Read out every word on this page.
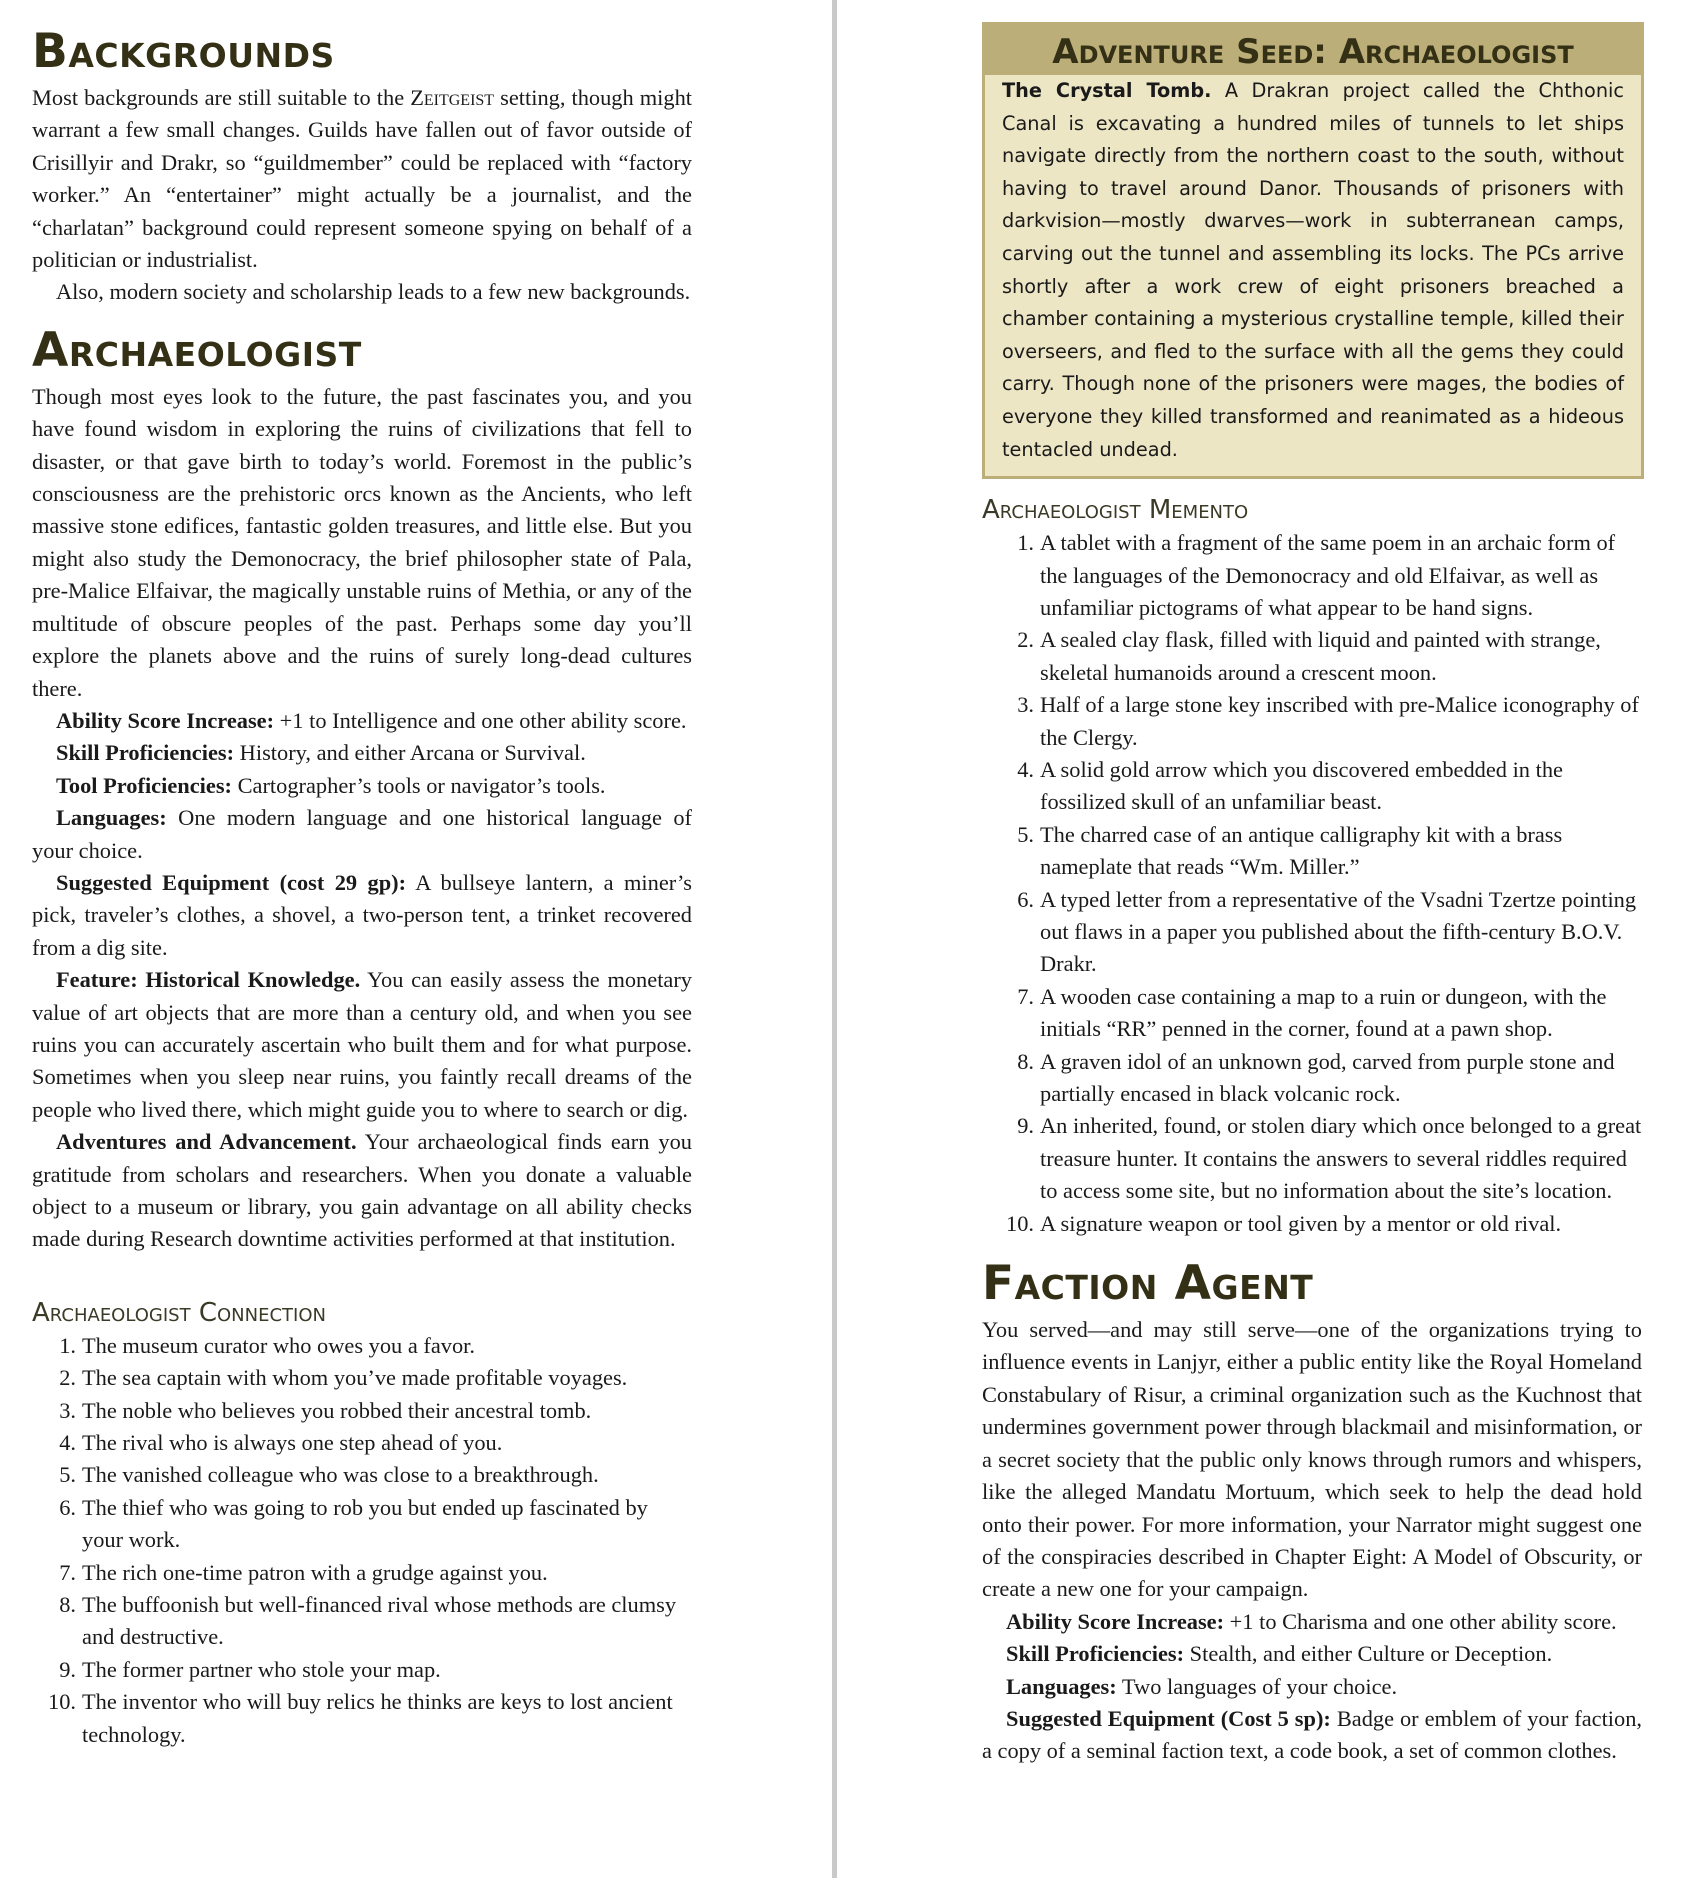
Backgrounds

Most backgrounds are still suitable to the Zeitgeist setting, though might warrant a few small changes. Guilds have fallen out of favor outside of Crisillyir and Drakr, so “guildmember” could be replaced with “factory worker.” An “entertainer” might actually be a journalist, and the “charlatan” background could represent someone spying on behalf of a politician or industrialist.

Also, modern society and scholarship leads to a few new backgrounds.

Archaeologist

Though most eyes look to the future, the past fascinates you, and you have found wisdom in exploring the ruins of civilizations that fell to disaster, or that gave birth to today’s world. Foremost in the public’s consciousness are the prehistoric orcs known as the Ancients, who left massive stone edifices, fantastic golden treasures, and little else. But you might also study the Demonocracy, the brief philosopher state of Pala, pre-Malice Elfaivar, the magically unstable ruins of Methia, or any of the multitude of obscure peoples of the past. Perhaps some day you’ll explore the planets above and the ruins of surely long-dead cultures there.

Ability Score Increase: +1 to Intelligence and one other ability score.

Skill Proficiencies: History, and either Arcana or Survival.

Tool Proficiencies: Cartographer’s tools or navigator’s tools.

Languages: One modern language and one historical language of your choice.

Suggested Equipment (cost 29 gp): A bullseye lantern, a miner’s pick, traveler’s clothes, a shovel, a two-person tent, a trinket recovered from a dig site.

Feature: Historical Knowledge. You can easily assess the monetary value of art objects that are more than a century old, and when you see ruins you can accurately ascertain who built them and for what purpose. Sometimes when you sleep near ruins, you faintly recall dreams of the people who lived there, which might guide you to where to search or dig.

Adventures and Advancement. Your archaeological finds earn you gratitude from scholars and researchers. When you donate a valuable object to a museum or library, you gain advantage on all ability checks made during Research downtime activities performed at that institution.

Archaeologist Connection
1. The museum curator who owes you a favor.
2. The sea captain with whom you’ve made profitable voyages.
3. The noble who believes you robbed their ancestral tomb.
4. The rival who is always one step ahead of you.
5. The vanished colleague who was close to a breakthrough.
6. The thief who was going to rob you but ended up fascinated by your work.
7. The rich one-time patron with a grudge against you.
8. The buffoonish but well-financed rival whose methods are clumsy and destructive.
9. The former partner who stole your map.
10. The inventor who will buy relics he thinks are keys to lost ancient technology.
Adventure Seed: Archaeologist
The Crystal Tomb. A Drakran project called the Chthonic Canal is excavating a hundred miles of tunnels to let ships navigate directly from the northern coast to the south, without having to travel around Danor. Thousands of prisoners with darkvision—mostly dwarves—work in subterranean camps, carving out the tunnel and assembling its locks. The PCs arrive shortly after a work crew of eight prisoners breached a chamber containing a mysterious crystalline temple, killed their overseers, and fled to the surface with all the gems they could carry. Though none of the prisoners were mages, the bodies of everyone they killed transformed and reanimated as a hideous tentacled undead.
Archaeologist Memento
1. A tablet with a fragment of the same poem in an archaic form of the languages of the Demonocracy and old Elfaivar, as well as unfamiliar pictograms of what appear to be hand signs.
2. A sealed clay flask, filled with liquid and painted with strange, skeletal humanoids around a crescent moon.
3. Half of a large stone key inscribed with pre-Malice iconography of the Clergy.
4. A solid gold arrow which you discovered embedded in the fossilized skull of an unfamiliar beast.
5. The charred case of an antique calligraphy kit with a brass nameplate that reads “Wm. Miller.”
6. A typed letter from a representative of the Vsadni Tzertze pointing out flaws in a paper you published about the fifth-century B.O.V. Drakr.
7. A wooden case containing a map to a ruin or dungeon, with the initials “RR” penned in the corner, found at a pawn shop.
8. A graven idol of an unknown god, carved from purple stone and partially encased in black volcanic rock.
9. An inherited, found, or stolen diary which once belonged to a great treasure hunter. It contains the answers to several riddles required to access some site, but no information about the site’s location.
10. A signature weapon or tool given by a mentor or old rival.
Faction Agent

You served—and may still serve—one of the organizations trying to influence events in Lanjyr, either a public entity like the Royal Homeland Constabulary of Risur, a criminal organization such as the Kuchnost that undermines government power through blackmail and misinformation, or a secret society that the public only knows through rumors and whispers, like the alleged Mandatu Mortuum, which seek to help the dead hold onto their power. For more information, your Narrator might suggest one of the conspiracies described in Chapter Eight: A Model of Obscurity, or create a new one for your campaign.

Ability Score Increase: +1 to Charisma and one other ability score.

Skill Proficiencies: Stealth, and either Culture or Deception.

Languages: Two languages of your choice.

Suggested Equipment (Cost 5 sp): Badge or emblem of your faction, a copy of a seminal faction text, a code book, a set of common clothes.
